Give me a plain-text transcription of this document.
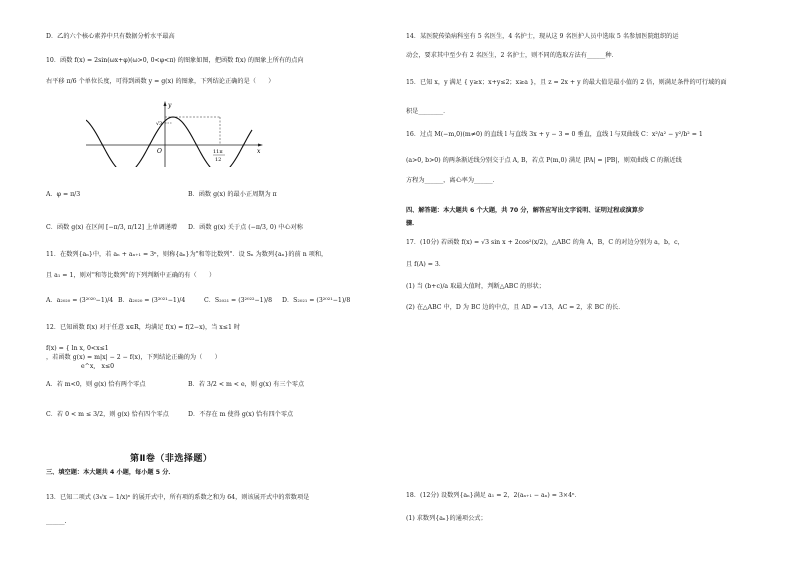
D．乙的六个核心素养中只有数据分析水平最高
10．函数 f(x) = 2sin(ωx+φ)(ω>0, 0<φ<π) 的图象如图，把函数 f(x) 的图象上所有的点向
右平移 π/6 个单位长度，可得到函数 y = g(x) 的图象，下列结论正确的是（　　）
y
√3
O	x
11π
12
A．φ = π/3	B．函数 g(x) 的最小正周期为 π
C．函数 g(x) 在区间 [−π/3, π/12] 上单调递增 D．函数 g(x) 关于点 (−π/3, 0) 中心对称
11．在数列{aₙ}中，若 aₙ + aₙ₊₁ = 3ⁿ，则称{aₙ}为"和等比数列"．设 Sₙ 为数列{aₙ}的前 n 项和，
且 a₁ = 1，则对"和等比数列"的下列判断中正确的有（　　）
A．a₂₀₂₀ = (3²⁰²⁰−1)/4 B．a₂₀₂₀ = (3²⁰²¹−1)/4	C．S₂₀₂₁ = (3²⁰²²−1)/8 D．S₂₀₂₁ = (3²⁰²¹−1)/8
12．已知函数 f(x) 对于任意 x∈R，均满足 f(x) = f(2−x)，当 x≤1 时
f(x) = { ln x, 0<x≤1
，若函数 g(x) = m|x| − 2 − f(x)，下列结论正确的为（　　）
e^x,　x≤0
A．若 m<0，则 g(x) 恰有两个零点	B．若 3/2 < m < e，则 g(x) 有三个零点
C．若 0 < m ≤ 3/2，则 g(x) 恰有四个零点	D．不存在 m 使得 g(x) 恰有四个零点
第Ⅱ卷（非选择题）
三、填空题：本大题共 4 小题，每小题 5 分．
13．已知二项式 (3√x − 1/x)ⁿ 的展开式中，所有项的系数之和为 64，则该展开式中的常数项是
______.
14．某医院传染病科室有 5 名医生，4 名护士，现从这 9 名医护人员中选取 5 名参加医院组织的运
动会，要求其中至少有 2 名医生，2 名护士，则不同的选取方法有______种．
15．已知 x，y 满足 { y≥x；x+y≤2；x≥a }，且 z = 2x + y 的最大值是最小值的 2 倍，则满足条件的可行域的面
积是________．
16．过点 M(−m,0)(m≠0) 的直线 l 与直线 3x + y − 3 = 0 垂直，直线 l 与双曲线 C：x²/a² − y²/b² = 1
(a>0, b>0) 的两条渐近线分别交于点 A, B，若点 P(m,0) 满足 |PA| = |PB|，则双曲线 C 的渐近线
方程为______，离心率为______．
四、解答题：本大题共 6 个大题，共 70 分，解答应写出文字说明、证明过程或演算步
骤．
17．(10分) 若函数 f(x) = √3 sin x + 2cos²(x/2)，△ABC 的角 A，B，C 的对边分别为 a，b，c，
且 f(A) = 3．
(1) 当 (b+c)/a 取最大值时，判断△ABC 的形状；
(2) 在△ABC 中，D 为 BC 边的中点，且 AD = √13，AC = 2，求 BC 的长．
18．(12分) 设数列{aₙ}满足 a₁ = 2，2(aₙ₊₁ − aₙ) = 3×4ⁿ．
(1) 求数列{aₙ}的通项公式；
